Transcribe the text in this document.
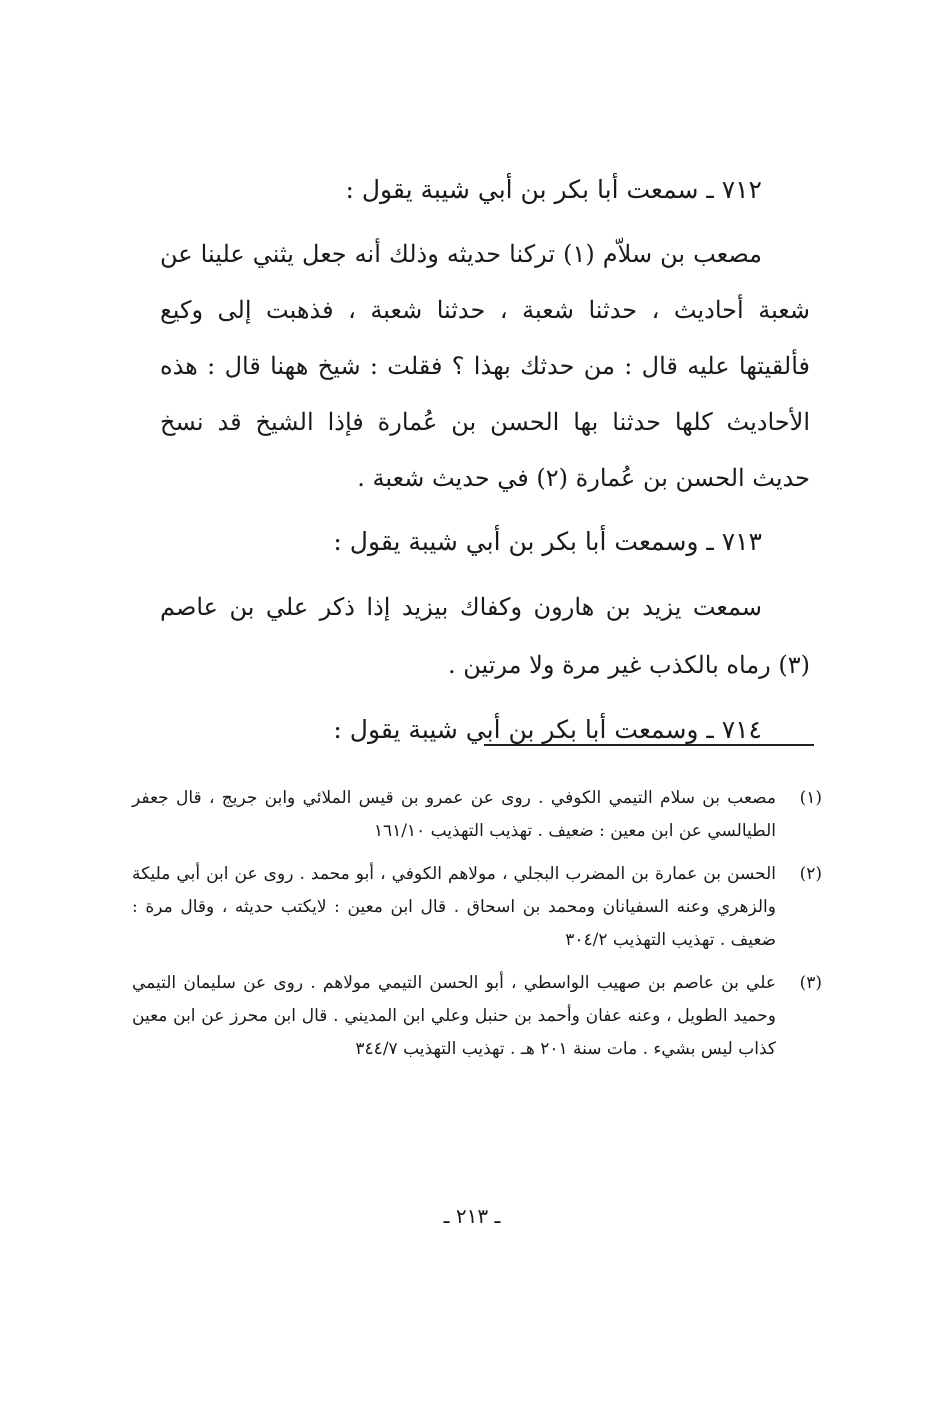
٧١٢ ـ سمعت أبا بكر بن أبي شيبة يقول :
مصعب بن سلاّم (١) تركنا حديثه وذلك أنه جعل يثني علينا عن شعبة أحاديث ، حدثنا شعبة ، حدثنا شعبة ، فذهبت إلى وكيع فألقيتها عليه قال : من حدثك بهذا ؟ فقلت : شيخ ههنا قال : هذه الأحاديث كلها حدثنا بها الحسن بن عُمارة فإذا الشيخ قد نسخ حديث الحسن بن عُمارة (٢) في حديث شعبة .
٧١٣ ـ وسمعت أبا بكر بن أبي شيبة يقول :
سمعت يزيد بن هارون وكفاك بيزيد إذا ذكر علي بن عاصم (٣) رماه بالكذب غير مرة ولا مرتين .
٧١٤ ـ وسمعت أبا بكر بن أبي شيبة يقول :
(١)
مصعب بن سلام التيمي الكوفي . روى عن عمرو بن قيس الملائي وابن جريج ، قال جعفر الطيالسي عن ابن معين : ضعيف . تهذيب التهذيب ١٦١/١٠
(٢)
الحسن بن عمارة بن المضرب البجلي ، مولاهم الكوفي ، أبو محمد . روى عن ابن أبي مليكة والزهري وعنه السفيانان ومحمد بن اسحاق . قال ابن معين : لايكتب حديثه ، وقال مرة : ضعيف . تهذيب التهذيب ٣٠٤/٢
(٣)
علي بن عاصم بن صهيب الواسطي ، أبو الحسن التيمي مولاهم . روى عن سليمان التيمي وحميد الطويل ، وعنه عفان وأحمد بن حنبل وعلي ابن المديني . قال ابن محرز عن ابن معين كذاب ليس بشيء . مات سنة ٢٠١ هـ . تهذيب التهذيب ٣٤٤/٧
ـ ٢١٣ ـ
